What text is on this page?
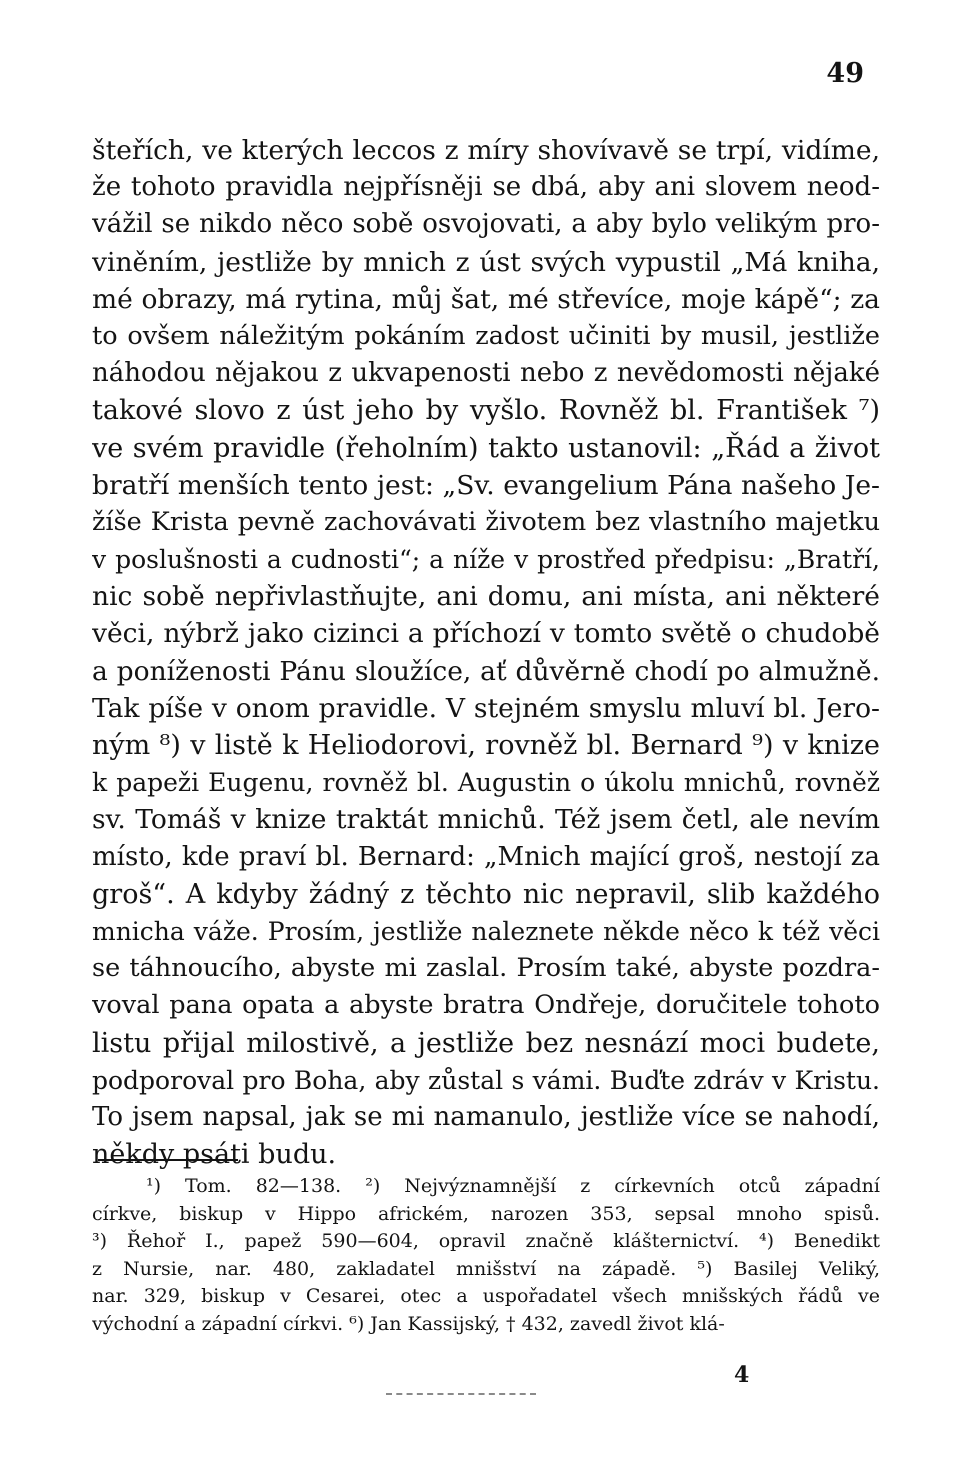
49
šteřích, ve kterých leccos z míry shovívavě se trpí, vidíme,
že tohoto pravidla nejpřísněji se dbá, aby ani slovem neod-
vážil se nikdo něco sobě osvojovati, a aby bylo velikým pro-
viněním, jestliže by mnich z úst svých vypustil „Má kniha,
mé obrazy, má rytina, můj šat, mé střevíce, moje kápě“; za
to ovšem náležitým pokáním zadost učiniti by musil, jestliže
náhodou nějakou z ukvapenosti nebo z nevědomosti nějaké
takové slovo z úst jeho by vyšlo. Rovněž bl. František ⁷)
ve svém pravidle (řeholním) takto ustanovil: „Řád a život
bratří menších tento jest: „Sv. evangelium Pána našeho Je-
žíše Krista pevně zachovávati životem bez vlastního majetku
v poslušnosti a cudnosti“; a níže v prostřed předpisu: „Bratří,
nic sobě nepřivlastňujte, ani domu, ani místa, ani některé
věci, nýbrž jako cizinci a příchozí v tomto světě o chudobě
a poníženosti Pánu sloužíce, ať důvěrně chodí po almužně.
Tak píše v onom pravidle. V stejném smyslu mluví bl. Jero-
ným ⁸) v listě k Heliodorovi, rovněž bl. Bernard ⁹) v knize
k papeži Eugenu, rovněž bl. Augustin o úkolu mnichů, rovněž
sv. Tomáš v knize traktát mnichů. Též jsem četl, ale nevím
místo, kde praví bl. Bernard: „Mnich mající groš, nestojí za
groš“. A kdyby žádný z těchto nic nepravil, slib každého
mnicha váže. Prosím, jestliže naleznete někde něco k též věci
se táhnoucího, abyste mi zaslal. Prosím také, abyste pozdra-
voval pana opata a abyste bratra Ondřeje, doručitele tohoto
listu přijal milostivě, a jestliže bez nesnází moci budete,
podporoval pro Boha, aby zůstal s vámi. Buďte zdráv v Kristu.
To jsem napsal, jak se mi namanulo, jestliže více se nahodí,
někdy psáti budu.
¹) Tom. 82—138. ²) Nejvýznamnější z církevních otců západní
církve, biskup v Hippo africkém, narozen 353, sepsal mnoho spisů.
³) Řehoř I., papež 590—604, opravil značně klášternictví. ⁴) Benedikt
z Nursie, nar. 480, zakladatel mnišství na západě. ⁵) Basilej Veliký,
nar. 329, biskup v Cesarei, otec a uspořadatel všech mnišských řádů ve
východní a západní církvi. ⁶) Jan Kassijský, † 432, zavedl život klá-
4
